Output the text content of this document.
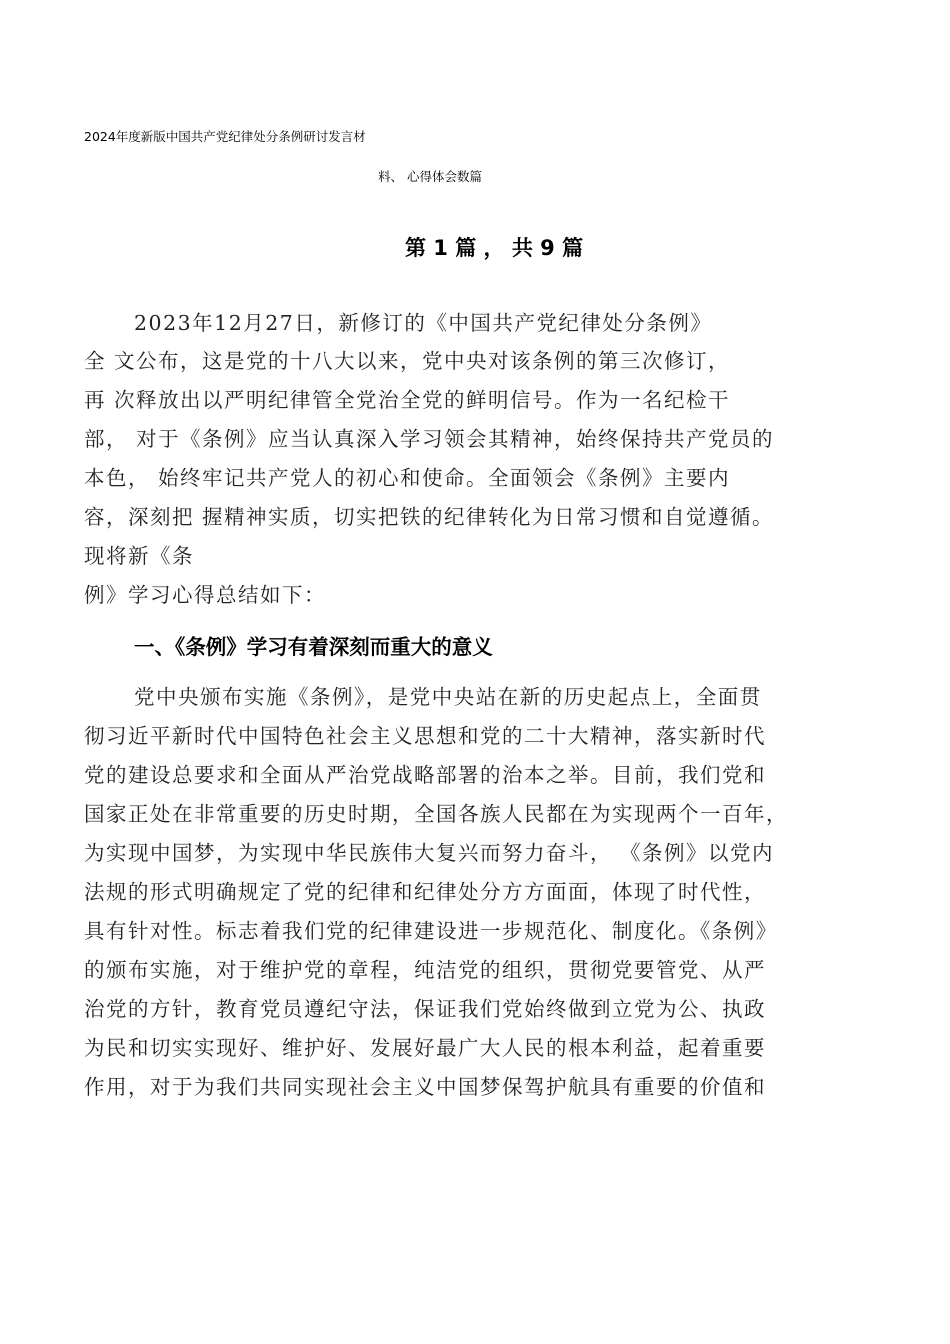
2024年度新版中国共产党纪律处分条例研讨发言材
料、 心得体会数篇
第 1 篇 ， 共 9 篇
2023年12月27日，新修订的《中国共产党纪律处分条例》
全 文公布，这是党的十八大以来，党中央对该条例的第三次修订，
再 次释放出以严明纪律管全党治全党的鲜明信号。作为一名纪检干
部， 对于《条例》应当认真深入学习领会其精神，始终保持共产党员的
本色， 始终牢记共产党人的初心和使命。全面领会《条例》主要内
容，深刻把 握精神实质，切实把铁的纪律转化为日常习惯和自觉遵循。
现将新《条
例》学习心得总结如下：
一、《条例》学习有着深刻而重大的意义
党中央颁布实施《条例》，是党中央站在新的历史起点上，全面贯
彻习近平新时代中国特色社会主义思想和党的二十大精神，落实新时代
党的建设总要求和全面从严治党战略部署的治本之举。目前，我们党和
国家正处在非常重要的历史时期，全国各族人民都在为实现两个一百年，
为实现中国梦，为实现中华民族伟大复兴而努力奋斗， 《条例》以党内
法规的形式明确规定了党的纪律和纪律处分方方面面，体现了时代性，
具有针对性。标志着我们党的纪律建设进一步规范化、制度化。《条例》
的颁布实施，对于维护党的章程，纯洁党的组织，贯彻党要管党、从严
治党的方针，教育党员遵纪守法，保证我们党始终做到立党为公、执政
为民和切实实现好、维护好、发展好最广大人民的根本利益，起着重要
作用，对于为我们共同实现社会主义中国梦保驾护航具有重要的价值和
